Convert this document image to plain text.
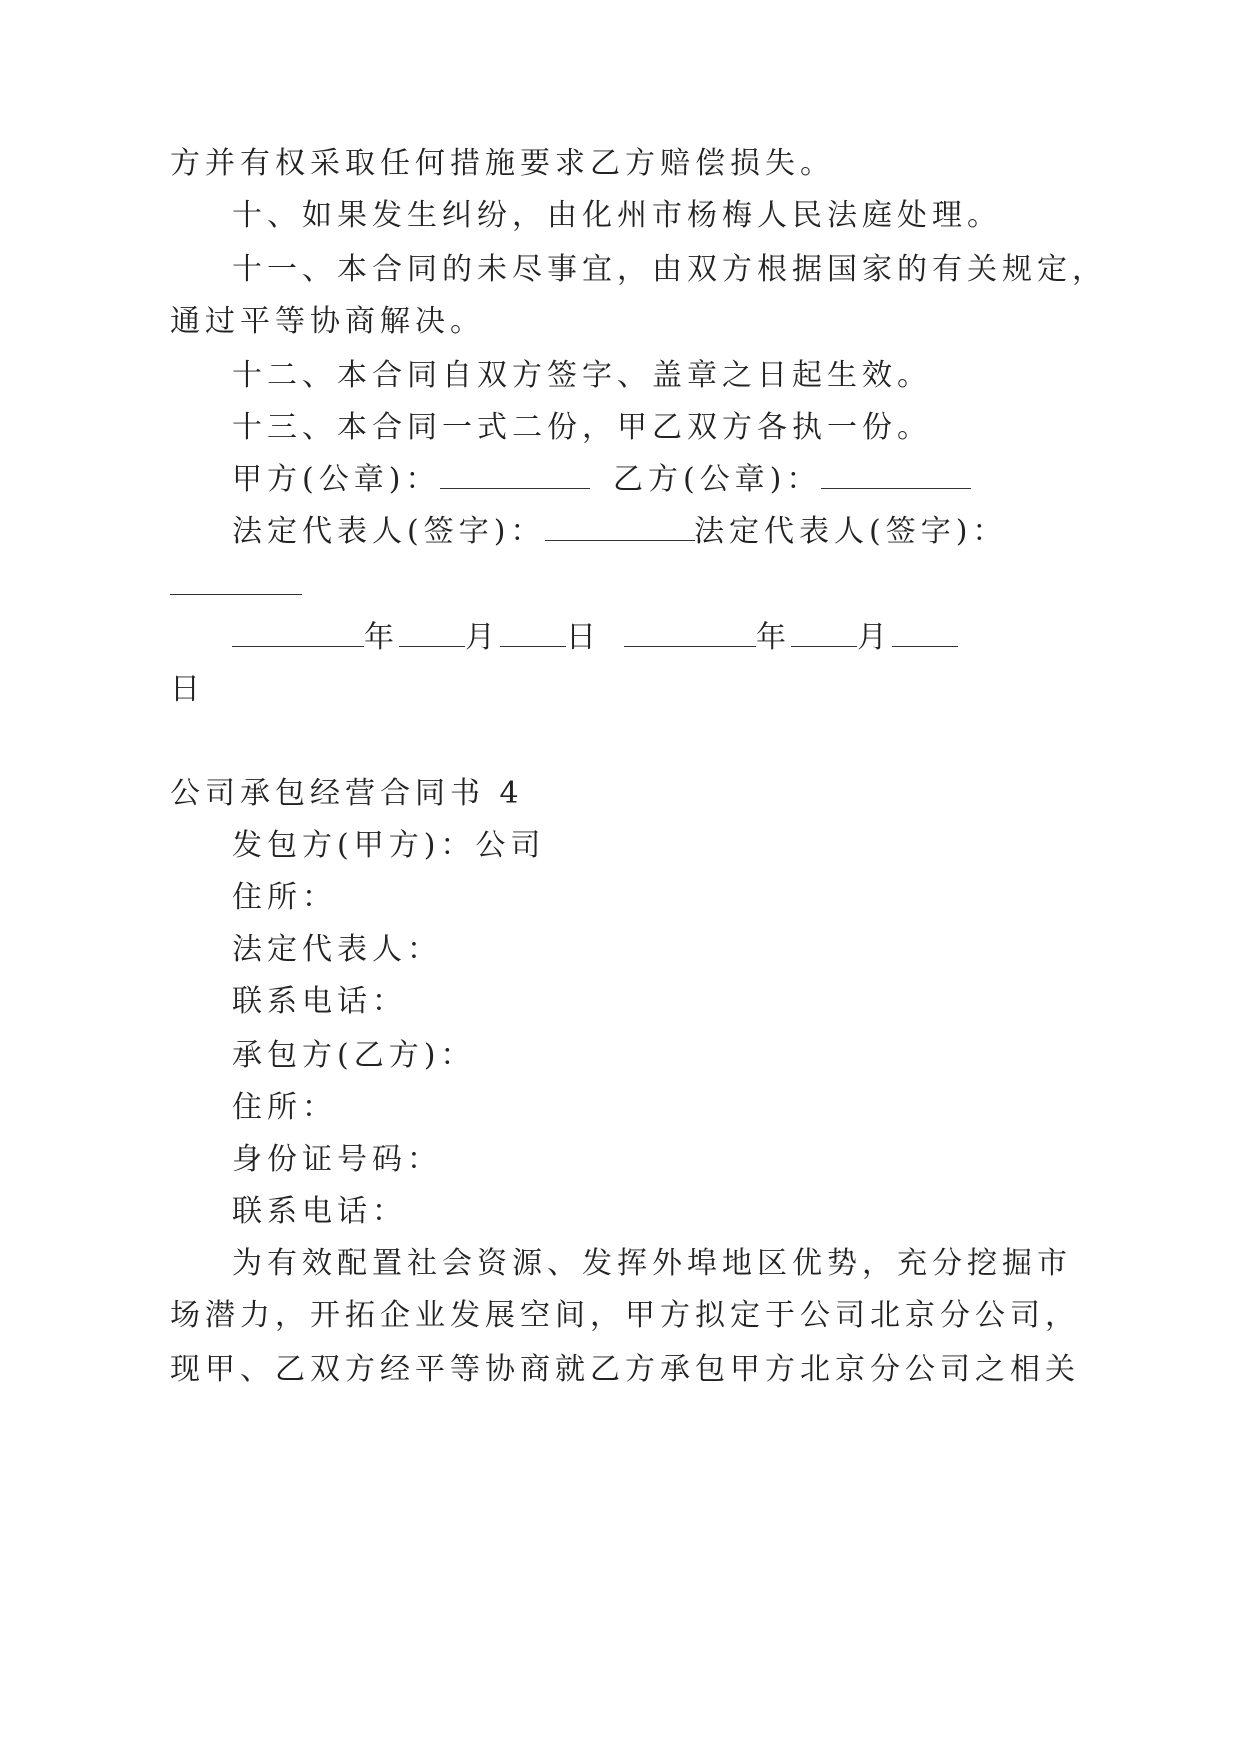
方并有权采取任何措施要求乙方赔偿损失。
十、如果发生纠纷，由化州市杨梅人民法庭处理。
十一、本合同的未尽事宜，由双方根据国家的有关规定，
通过平等协商解决。
十二、本合同自双方签字、盖章之日起生效。
十三、本合同一式二份，甲乙双方各执一份。
甲方(公章)：	乙方(公章)：
法定代表人(签字)：	法定代表人(签字)：
年 月 日	年 月
日
公司承包经营合同书 4
发包方(甲方)：公司
住所：
法定代表人：
联系电话：
承包方(乙方)：
住所：
身份证号码：
联系电话：
为有效配置社会资源、发挥外埠地区优势，充分挖掘市
场潜力，开拓企业发展空间，甲方拟定于公司北京分公司，
现甲、乙双方经平等协商就乙方承包甲方北京分公司之相关
